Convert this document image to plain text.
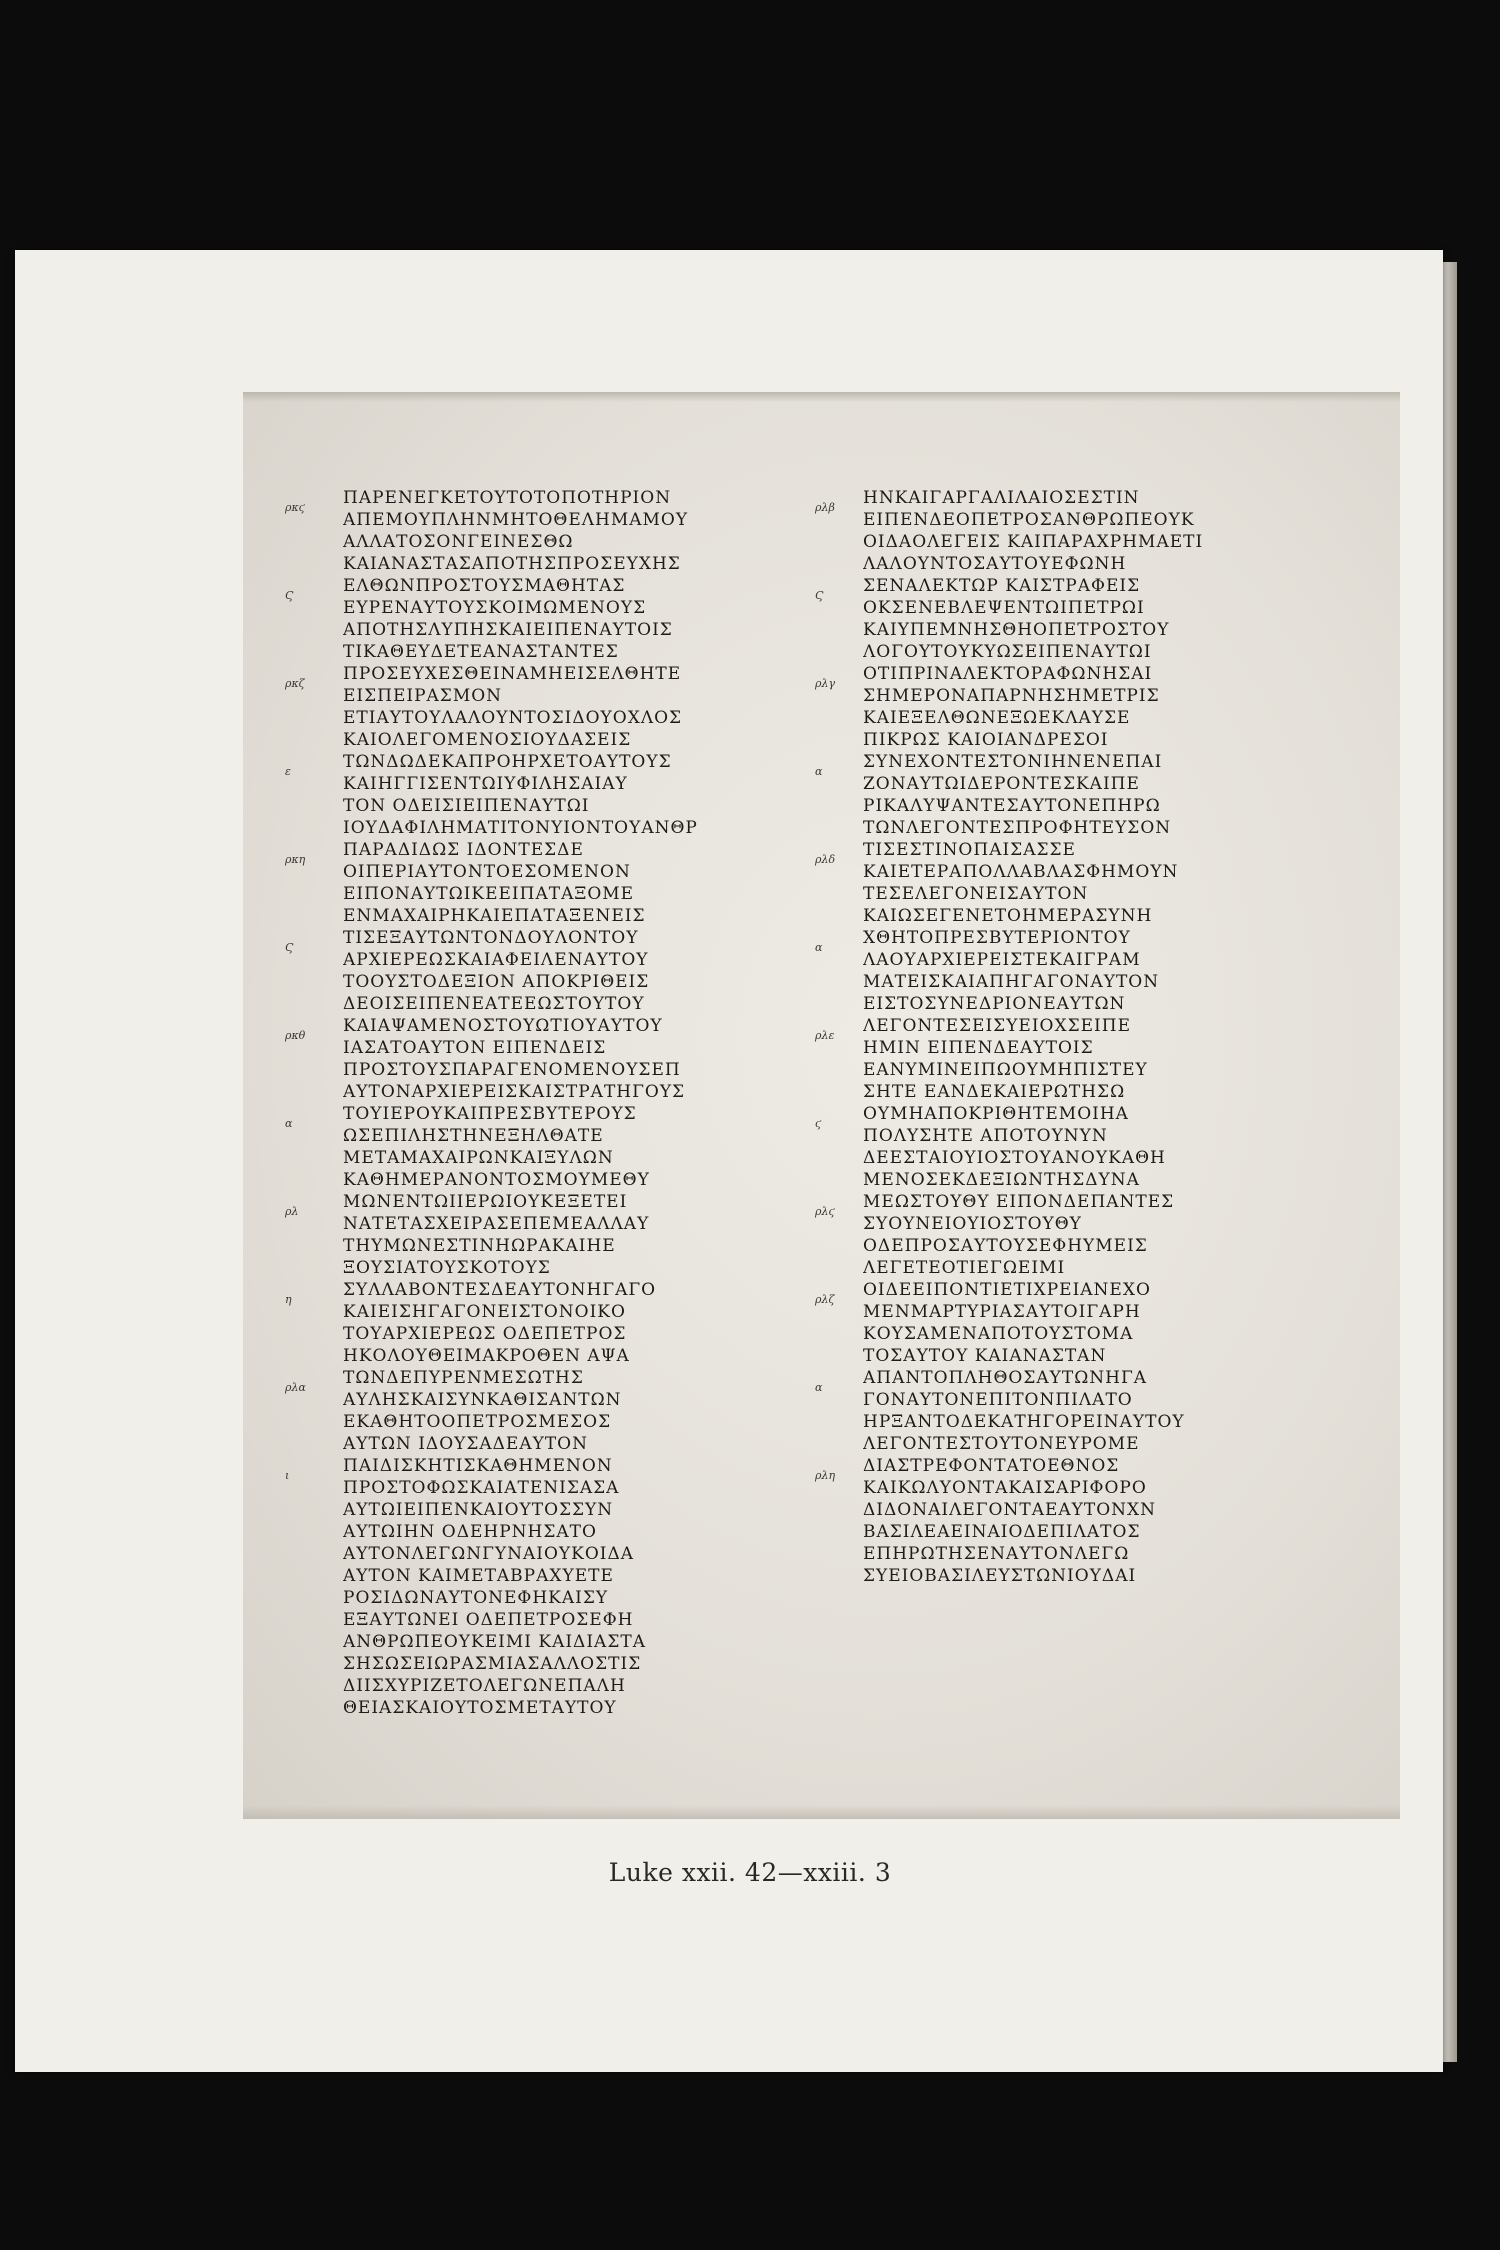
ρκϛ
Ϛ
ρκζ
ε
ρκη
Ϛ
ρκθ
α
ρλ
η
ρλα
ι
ΠΑΡΕΝΕΓΚΕΤΟΥΤΟΤΟΠΟΤΗΡΙΟΝ
ΑΠΕΜΟΥΠΛΗΝΜΗΤΟΘΕΛΗΜΑΜΟΥ
ΑΛΛΑΤΟΣΟΝΓΕΙΝΕΣΘΩ
ΚΑΙΑΝΑΣΤΑΣΑΠΟΤΗΣΠΡΟΣΕΥΧΗΣ
ΕΛΘΩΝΠΡΟΣΤΟΥΣΜΑΘΗΤΑΣ
ΕΥΡΕΝΑΥΤΟΥΣΚΟΙΜΩΜΕΝΟΥΣ
ΑΠΟΤΗΣΛΥΠΗΣΚΑΙΕΙΠΕΝΑΥΤΟΙΣ
ΤΙΚΑΘΕΥΔΕΤΕΑΝΑΣΤΑΝΤΕΣ
ΠΡΟΣΕΥΧΕΣΘΕΙΝΑΜΗΕΙΣΕΛΘΗΤΕ
ΕΙΣΠΕΙΡΑΣΜΟΝ
ΕΤΙΑΥΤΟΥΛΑΛΟΥΝΤΟΣΙΔΟΥΟΧΛΟΣ
ΚΑΙΟΛΕΓΟΜΕΝΟΣΙΟΥΔΑΣΕΙΣ
ΤΩΝΔΩΔΕΚΑΠΡΟΗΡΧΕΤΟΑΥΤΟΥΣ
ΚΑΙΗΓΓΙΣΕΝΤΩΙΥΦΙΛΗΣΑΙΑΥ
ΤΟΝ ΟΔΕΙΣΙΕΙΠΕΝΑΥΤΩΙ
ΙΟΥΔΑΦΙΛΗΜΑΤΙΤΟΝΥΙΟΝΤΟΥΑΝΘΡ
ΠΑΡΑΔΙΔΩΣ ΙΔΟΝΤΕΣΔΕ
ΟΙΠΕΡΙΑΥΤΟΝΤΟΕΣΟΜΕΝΟΝ
ΕΙΠΟΝΑΥΤΩΙΚΕΕΙΠΑΤΑΞΟΜΕ
ΕΝΜΑΧΑΙΡΗΚΑΙΕΠΑΤΑΞΕΝΕΙΣ
ΤΙΣΕΞΑΥΤΩΝΤΟΝΔΟΥΛΟΝΤΟΥ
ΑΡΧΙΕΡΕΩΣΚΑΙΑΦΕΙΛΕΝΑΥΤΟΥ
ΤΟΟΥΣΤΟΔΕΞΙΟΝ ΑΠΟΚΡΙΘΕΙΣ
ΔΕΟΙΣΕΙΠΕΝΕΑΤΕΕΩΣΤΟΥΤΟΥ
ΚΑΙΑΨΑΜΕΝΟΣΤΟΥΩΤΙΟΥΑΥΤΟΥ
ΙΑΣΑΤΟΑΥΤΟΝ ΕΙΠΕΝΔΕΙΣ
ΠΡΟΣΤΟΥΣΠΑΡΑΓΕΝΟΜΕΝΟΥΣΕΠ
ΑΥΤΟΝΑΡΧΙΕΡΕΙΣΚΑΙΣΤΡΑΤΗΓΟΥΣ
ΤΟΥΙΕΡΟΥΚΑΙΠΡΕΣΒΥΤΕΡΟΥΣ
ΩΣΕΠΙΛΗΣΤΗΝΕΞΗΛΘΑΤΕ
ΜΕΤΑΜΑΧΑΙΡΩΝΚΑΙΞΥΛΩΝ
ΚΑΘΗΜΕΡΑΝΟΝΤΟΣΜΟΥΜΕΘΥ
ΜΩΝΕΝΤΩΙΙΕΡΩΙΟΥΚΕΞΕΤΕΙ
ΝΑΤΕΤΑΣΧΕΙΡΑΣΕΠΕΜΕΑΛΛΑΥ
ΤΗΥΜΩΝΕΣΤΙΝΗΩΡΑΚΑΙΗΕ
ΞΟΥΣΙΑΤΟΥΣΚΟΤΟΥΣ
ΣΥΛΛΑΒΟΝΤΕΣΔΕΑΥΤΟΝΗΓΑΓΟ
ΚΑΙΕΙΣΗΓΑΓΟΝΕΙΣΤΟΝΟΙΚΟ
ΤΟΥΑΡΧΙΕΡΕΩΣ ΟΔΕΠΕΤΡΟΣ
ΗΚΟΛΟΥΘΕΙΜΑΚΡΟΘΕΝ ΑΨΑ
ΤΩΝΔΕΠΥΡΕΝΜΕΣΩΤΗΣ
ΑΥΛΗΣΚΑΙΣΥΝΚΑΘΙΣΑΝΤΩΝ
ΕΚΑΘΗΤΟΟΠΕΤΡΟΣΜΕΣΟΣ
ΑΥΤΩΝ ΙΔΟΥΣΑΔΕΑΥΤΟΝ
ΠΑΙΔΙΣΚΗΤΙΣΚΑΘΗΜΕΝΟΝ
ΠΡΟΣΤΟΦΩΣΚΑΙΑΤΕΝΙΣΑΣΑ
ΑΥΤΩΙΕΙΠΕΝΚΑΙΟΥΤΟΣΣΥΝ
ΑΥΤΩΙΗΝ ΟΔΕΗΡΝΗΣΑΤΟ
ΑΥΤΟΝΛΕΓΩΝΓΥΝΑΙΟΥΚΟΙΔΑ
ΑΥΤΟΝ ΚΑΙΜΕΤΑΒΡΑΧΥΕΤΕ
ΡΟΣΙΔΩΝΑΥΤΟΝΕΦΗΚΑΙΣΥ
ΕΞΑΥΤΩΝΕΙ ΟΔΕΠΕΤΡΟΣΕΦΗ
ΑΝΘΡΩΠΕΟΥΚΕΙΜΙ ΚΑΙΔΙΑΣΤΑ
ΣΗΣΩΣΕΙΩΡΑΣΜΙΑΣΑΛΛΟΣΤΙΣ
ΔΙΙΣΧΥΡΙΖΕΤΟΛΕΓΩΝΕΠΑΛΗ
ΘΕΙΑΣΚΑΙΟΥΤΟΣΜΕΤΑΥΤΟΥ
ρλβ
Ϛ
ρλγ
α
ρλδ
α
ρλε
ϛ
ρλϛ
ρλζ
α
ρλη
ΗΝΚΑΙΓΑΡΓΑΛΙΛΑΙΟΣΕΣΤΙΝ
ΕΙΠΕΝΔΕΟΠΕΤΡΟΣΑΝΘΡΩΠΕΟΥΚ
ΟΙΔΑΟΛΕΓΕΙΣ ΚΑΙΠΑΡΑΧΡΗΜΑΕΤΙ
ΛΑΛΟΥΝΤΟΣΑΥΤΟΥΕΦΩΝΗ
ΣΕΝΑΛΕΚΤΩΡ ΚΑΙΣΤΡΑΦΕΙΣ
ΟΚΣΕΝΕΒΛΕΨΕΝΤΩΙΠΕΤΡΩΙ
ΚΑΙΥΠΕΜΝΗΣΘΗΟΠΕΤΡΟΣΤΟΥ
ΛΟΓΟΥΤΟΥΚΥΩΣΕΙΠΕΝΑΥΤΩΙ
ΟΤΙΠΡΙΝΑΛΕΚΤΟΡΑΦΩΝΗΣΑΙ
ΣΗΜΕΡΟΝΑΠΑΡΝΗΣΗΜΕΤΡΙΣ
ΚΑΙΕΞΕΛΘΩΝΕΞΩΕΚΛΑΥΣΕ
ΠΙΚΡΩΣ ΚΑΙΟΙΑΝΔΡΕΣΟΙ
ΣΥΝΕΧΟΝΤΕΣΤΟΝΙΗΝΕΝΕΠΑΙ
ΖΟΝΑΥΤΩΙΔΕΡΟΝΤΕΣΚΑΙΠΕ
ΡΙΚΑΛΥΨΑΝΤΕΣΑΥΤΟΝΕΠΗΡΩ
ΤΩΝΛΕΓΟΝΤΕΣΠΡΟΦΗΤΕΥΣΟΝ
ΤΙΣΕΣΤΙΝΟΠΑΙΣΑΣΣΕ
ΚΑΙΕΤΕΡΑΠΟΛΛΑΒΛΑΣΦΗΜΟΥΝ
ΤΕΣΕΛΕΓΟΝΕΙΣΑΥΤΟΝ
ΚΑΙΩΣΕΓΕΝΕΤΟΗΜΕΡΑΣΥΝΗ
ΧΘΗΤΟΠΡΕΣΒΥΤΕΡΙΟΝΤΟΥ
ΛΑΟΥΑΡΧΙΕΡΕΙΣΤΕΚΑΙΓΡΑΜ
ΜΑΤΕΙΣΚΑΙΑΠΗΓΑΓΟΝΑΥΤΟΝ
ΕΙΣΤΟΣΥΝΕΔΡΙΟΝΕΑΥΤΩΝ
ΛΕΓΟΝΤΕΣΕΙΣΥΕΙΟΧΣΕΙΠΕ
ΗΜΙΝ ΕΙΠΕΝΔΕΑΥΤΟΙΣ
ΕΑΝΥΜΙΝΕΙΠΩΟΥΜΗΠΙΣΤΕΥ
ΣΗΤΕ ΕΑΝΔΕΚΑΙΕΡΩΤΗΣΩ
ΟΥΜΗΑΠΟΚΡΙΘΗΤΕΜΟΙΗΑ
ΠΟΛΥΣΗΤΕ ΑΠΟΤΟΥΝΥΝ
ΔΕΕΣΤΑΙΟΥΙΟΣΤΟΥΑΝΟΥΚΑΘΗ
ΜΕΝΟΣΕΚΔΕΞΙΩΝΤΗΣΔΥΝΑ
ΜΕΩΣΤΟΥΘΥ ΕΙΠΟΝΔΕΠΑΝΤΕΣ
ΣΥΟΥΝΕΙΟΥΙΟΣΤΟΥΘΥ
ΟΔΕΠΡΟΣΑΥΤΟΥΣΕΦΗΥΜΕΙΣ
ΛΕΓΕΤΕΟΤΙΕΓΩΕΙΜΙ
ΟΙΔΕΕΙΠΟΝΤΙΕΤΙΧΡΕΙΑΝΕΧΟ
ΜΕΝΜΑΡΤΥΡΙΑΣΑΥΤΟΙΓΑΡΗ
ΚΟΥΣΑΜΕΝΑΠΟΤΟΥΣΤΟΜΑ
ΤΟΣΑΥΤΟΥ ΚΑΙΑΝΑΣΤΑΝ
ΑΠΑΝΤΟΠΛΗΘΟΣΑΥΤΩΝΗΓΑ
ΓΟΝΑΥΤΟΝΕΠΙΤΟΝΠΙΛΑΤΟ
ΗΡΞΑΝΤΟΔΕΚΑΤΗΓΟΡΕΙΝΑΥΤΟΥ
ΛΕΓΟΝΤΕΣΤΟΥΤΟΝΕΥΡΟΜΕ
ΔΙΑΣΤΡΕΦΟΝΤΑΤΟΕΘΝΟΣ
ΚΑΙΚΩΛΥΟΝΤΑΚΑΙΣΑΡΙΦΟΡΟ
ΔΙΔΟΝΑΙΛΕΓΟΝΤΑΕΑΥΤΟΝΧΝ
ΒΑΣΙΛΕΑΕΙΝΑΙΟΔΕΠΙΛΑΤΟΣ
ΕΠΗΡΩΤΗΣΕΝΑΥΤΟΝΛΕΓΩ
ΣΥΕΙΟΒΑΣΙΛΕΥΣΤΩΝΙΟΥΔΑΙ
Luke xxii. 42—xxiii. 3
